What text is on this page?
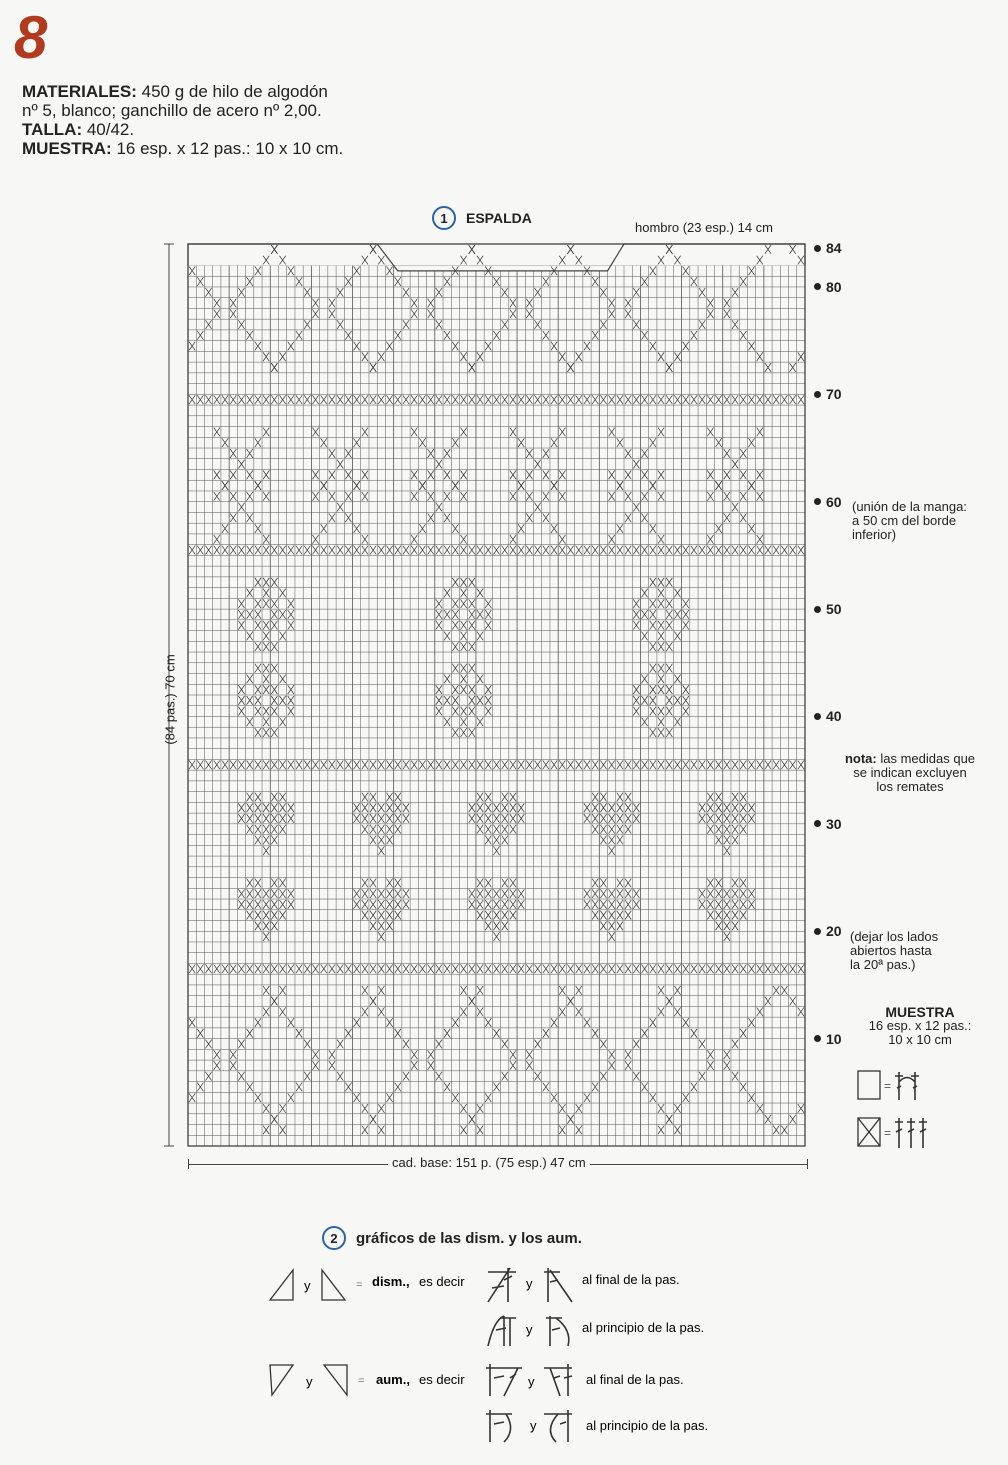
8
MATERIALES: 450 g de hilo de algodón
nº 5, blanco; ganchillo de acero nº 2,00.
TALLA: 40/42.
MUESTRA: 16 esp. x 12 pas.: 10 x 10 cm.
1	ESPALDA
hombro (23 esp.) 14 cm
(84 pas.) 70 cm
84
80
70
60
50
40
30
20
10
(unión de la manga:
a 50 cm del borde
inferior)
nota: las medidas que
se indican excluyen
los remates
(dejar los lados
abiertos hasta
la 20ª pas.)
MUESTRA
16 esp. x 12 pas.:
10 x 10 cm
=
=
cad. base: 151 p. (75 esp.) 47 cm
2	gráficos de las dism. y los aum.
y	= dism., es decir	y	al final de la pas.
y	al principio de la pas.
y	= aum., es decir	y	al final de la pas.
y	al principio de la pas.
